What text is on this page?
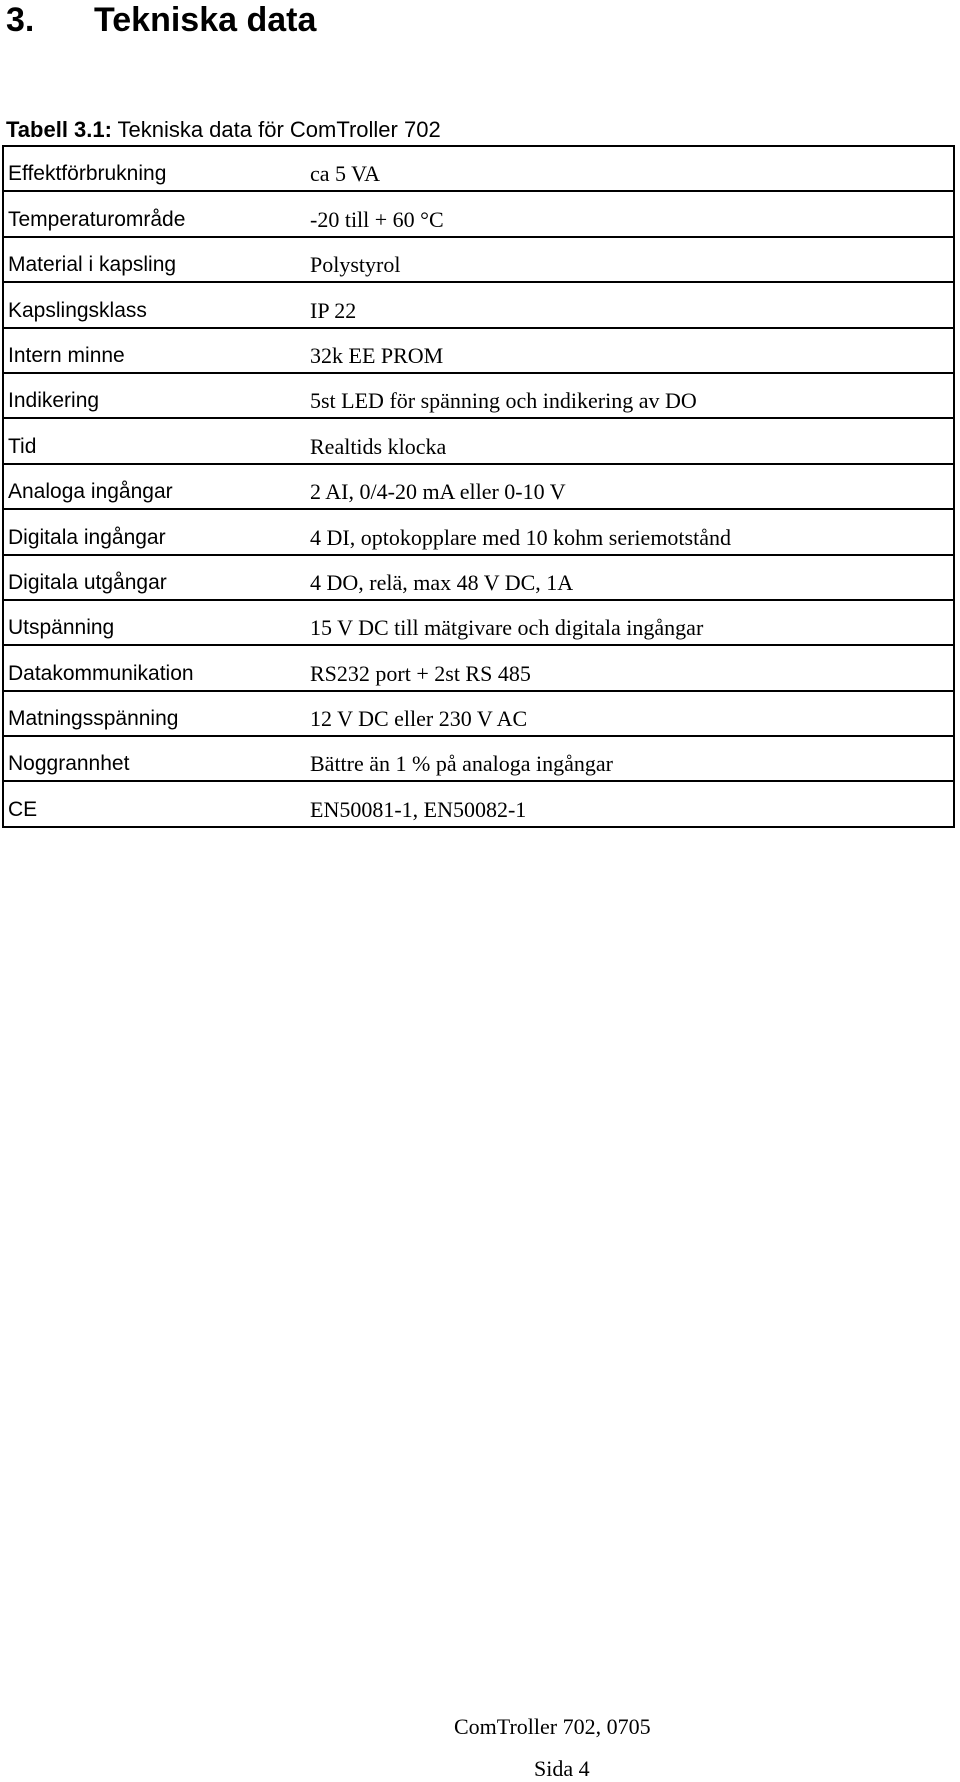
3. Tekniska data
Tabell 3.1: Tekniska data för ComTroller 702
Effektförbrukning	ca 5 VA
Temperaturområde	-20 till + 60 °C
Material i kapsling	Polystyrol
Kapslingsklass	IP 22
Intern minne	32k EE PROM
Indikering	5st LED för spänning och indikering av DO
Tid	Realtids klocka
Analoga ingångar	2 AI, 0/4-20 mA eller 0-10 V
Digitala ingångar	4 DI, optokopplare med 10 kohm seriemotstånd
Digitala utgångar	4 DO, relä, max 48 V DC, 1A
Utspänning	15 V DC till mätgivare och digitala ingångar
Datakommunikation	RS232 port + 2st RS 485
Matningsspänning	12 V DC eller 230 V AC
Noggrannhet	Bättre än 1 % på analoga ingångar
CE	EN50081-1, EN50082-1
ComTroller 702, 0705
Sida 4
